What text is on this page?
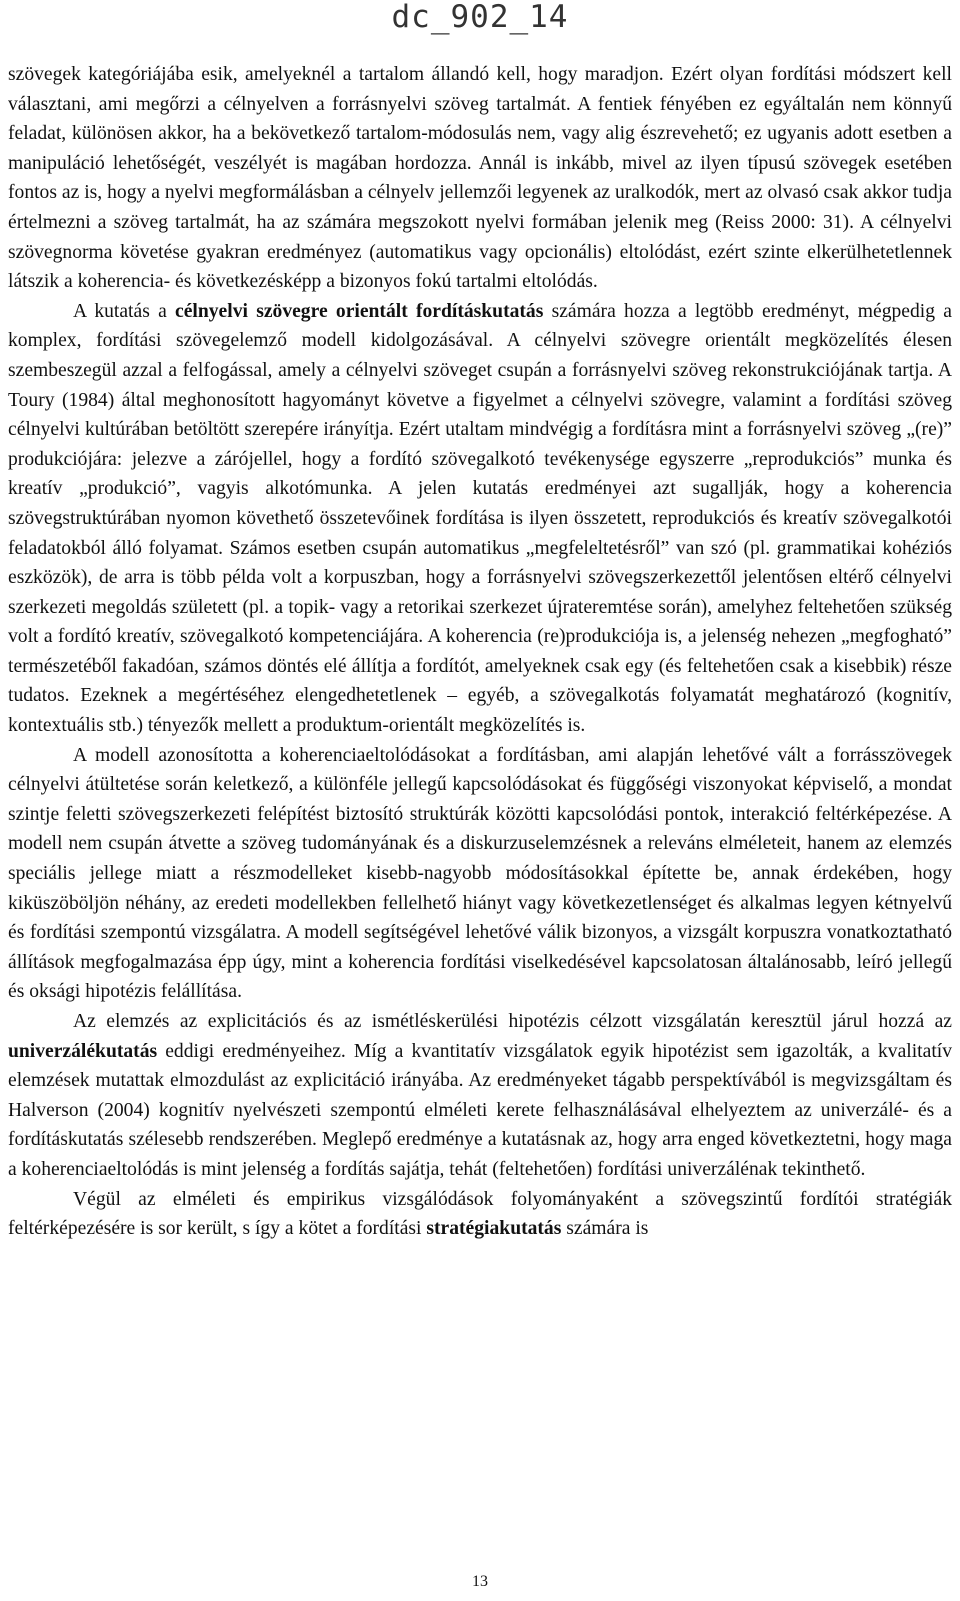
dc_902_14

szövegek kategóriájába esik, amelyeknél a tartalom állandó kell, hogy maradjon. Ezért olyan fordítási módszert kell választani, ami megőrzi a célnyelven a forrásnyelvi szöveg tartalmát. A fentiek fényében ez egyáltalán nem könnyű feladat, különösen akkor, ha a bekövetkező tartalom-módosulás nem, vagy alig észrevehető; ez ugyanis adott esetben a manipuláció lehetőségét, veszélyét is magában hordozza. Annál is inkább, mivel az ilyen típusú szövegek esetében fontos az is, hogy a nyelvi megformálásban a célnyelv jellemzői legyenek az uralkodók, mert az olvasó csak akkor tudja értelmezni a szöveg tartalmát, ha az számára megszokott nyelvi formában jelenik meg (Reiss 2000: 31). A célnyelvi szövegnorma követése gyakran eredményez (automatikus vagy opcionális) eltolódást, ezért szinte elkerülhetetlennek látszik a koherencia- és következésképp a bizonyos fokú tartalmi eltolódás.

A kutatás a célnyelvi szövegre orientált fordításkutatás számára hozza a legtöbb eredményt, mégpedig a komplex, fordítási szövegelemző modell kidolgozásával. A célnyelvi szövegre orientált megközelítés élesen szembeszegül azzal a felfogással, amely a célnyelvi szöveget csupán a forrásnyelvi szöveg rekonstrukciójának tartja. A Toury (1984) által meghonosított hagyományt követve a figyelmet a célnyelvi szövegre, valamint a fordítási szöveg célnyelvi kultúrában betöltött szerepére irányítja. Ezért utaltam mindvégig a fordításra mint a forrásnyelvi szöveg „(re)” produkciójára: jelezve a zárójellel, hogy a fordító szövegalkotó tevékenysége egyszerre „reprodukciós” munka és kreatív „produkció”, vagyis alkotómunka. A jelen kutatás eredményei azt sugallják, hogy a koherencia szövegstruktúrában nyomon követhető összetevőinek fordítása is ilyen összetett, reprodukciós és kreatív szövegalkotói feladatokból álló folyamat. Számos esetben csupán automatikus „megfeleltetésről” van szó (pl. grammatikai kohéziós eszközök), de arra is több példa volt a korpuszban, hogy a forrásnyelvi szövegszerkezettől jelentősen eltérő célnyelvi szerkezeti megoldás született (pl. a topik- vagy a retorikai szerkezet újrateremtése során), amelyhez feltehetően szükség volt a fordító kreatív, szövegalkotó kompetenciájára. A koherencia (re)produkciója is, a jelenség nehezen „megfogható” természetéből fakadóan, számos döntés elé állítja a fordítót, amelyeknek csak egy (és feltehetően csak a kisebbik) része tudatos. Ezeknek a megértéséhez elengedhetetlenek – egyéb, a szövegalkotás folyamatát meghatározó (kognitív, kontextuális stb.) tényezők mellett a produktum-orientált megközelítés is.

A modell azonosította a koherenciaeltolódásokat a fordításban, ami alapján lehetővé vált a forrásszövegek célnyelvi átültetése során keletkező, a különféle jellegű kapcsolódásokat és függőségi viszonyokat képviselő, a mondat szintje feletti szövegszerkezeti felépítést biztosító struktúrák közötti kapcsolódási pontok, interakció feltérképezése. A modell nem csupán átvette a szöveg tudományának és a diskurzuselemzésnek a releváns elméleteit, hanem az elemzés speciális jellege miatt a részmodelleket kisebb-nagyobb módosításokkal építette be, annak érdekében, hogy kiküszöböljön néhány, az eredeti modellekben fellelhető hiányt vagy következetlenséget és alkalmas legyen kétnyelvű és fordítási szempontú vizsgálatra. A modell segítségével lehetővé válik bizonyos, a vizsgált korpuszra vonatkoztatható állítások megfogalmazása épp úgy, mint a koherencia fordítási viselkedésével kapcsolatosan általánosabb, leíró jellegű és oksági hipotézis felállítása.

Az elemzés az explicitációs és az ismétléskerülési hipotézis célzott vizsgálatán keresztül járul hozzá az univerzálékutatás eddigi eredményeihez. Míg a kvantitatív vizsgálatok egyik hipotézist sem igazolták, a kvalitatív elemzések mutattak elmozdulást az explicitáció irányába. Az eredményeket tágabb perspektívából is megvizsgáltam és Halverson (2004) kognitív nyelvészeti szempontú elméleti kerete felhasználásával elhelyeztem az univerzálé- és a fordításkutatás szélesebb rendszerében. Meglepő eredménye a kutatásnak az, hogy arra enged következtetni, hogy maga a koherenciaeltolódás is mint jelenség a fordítás sajátja, tehát (feltehetően) fordítási univerzálénak tekinthető.

Végül az elméleti és empirikus vizsgálódások folyományaként a szövegszintű fordítói stratégiák feltérképezésére is sor került, s így a kötet a fordítási stratégiakutatás számára is

13
